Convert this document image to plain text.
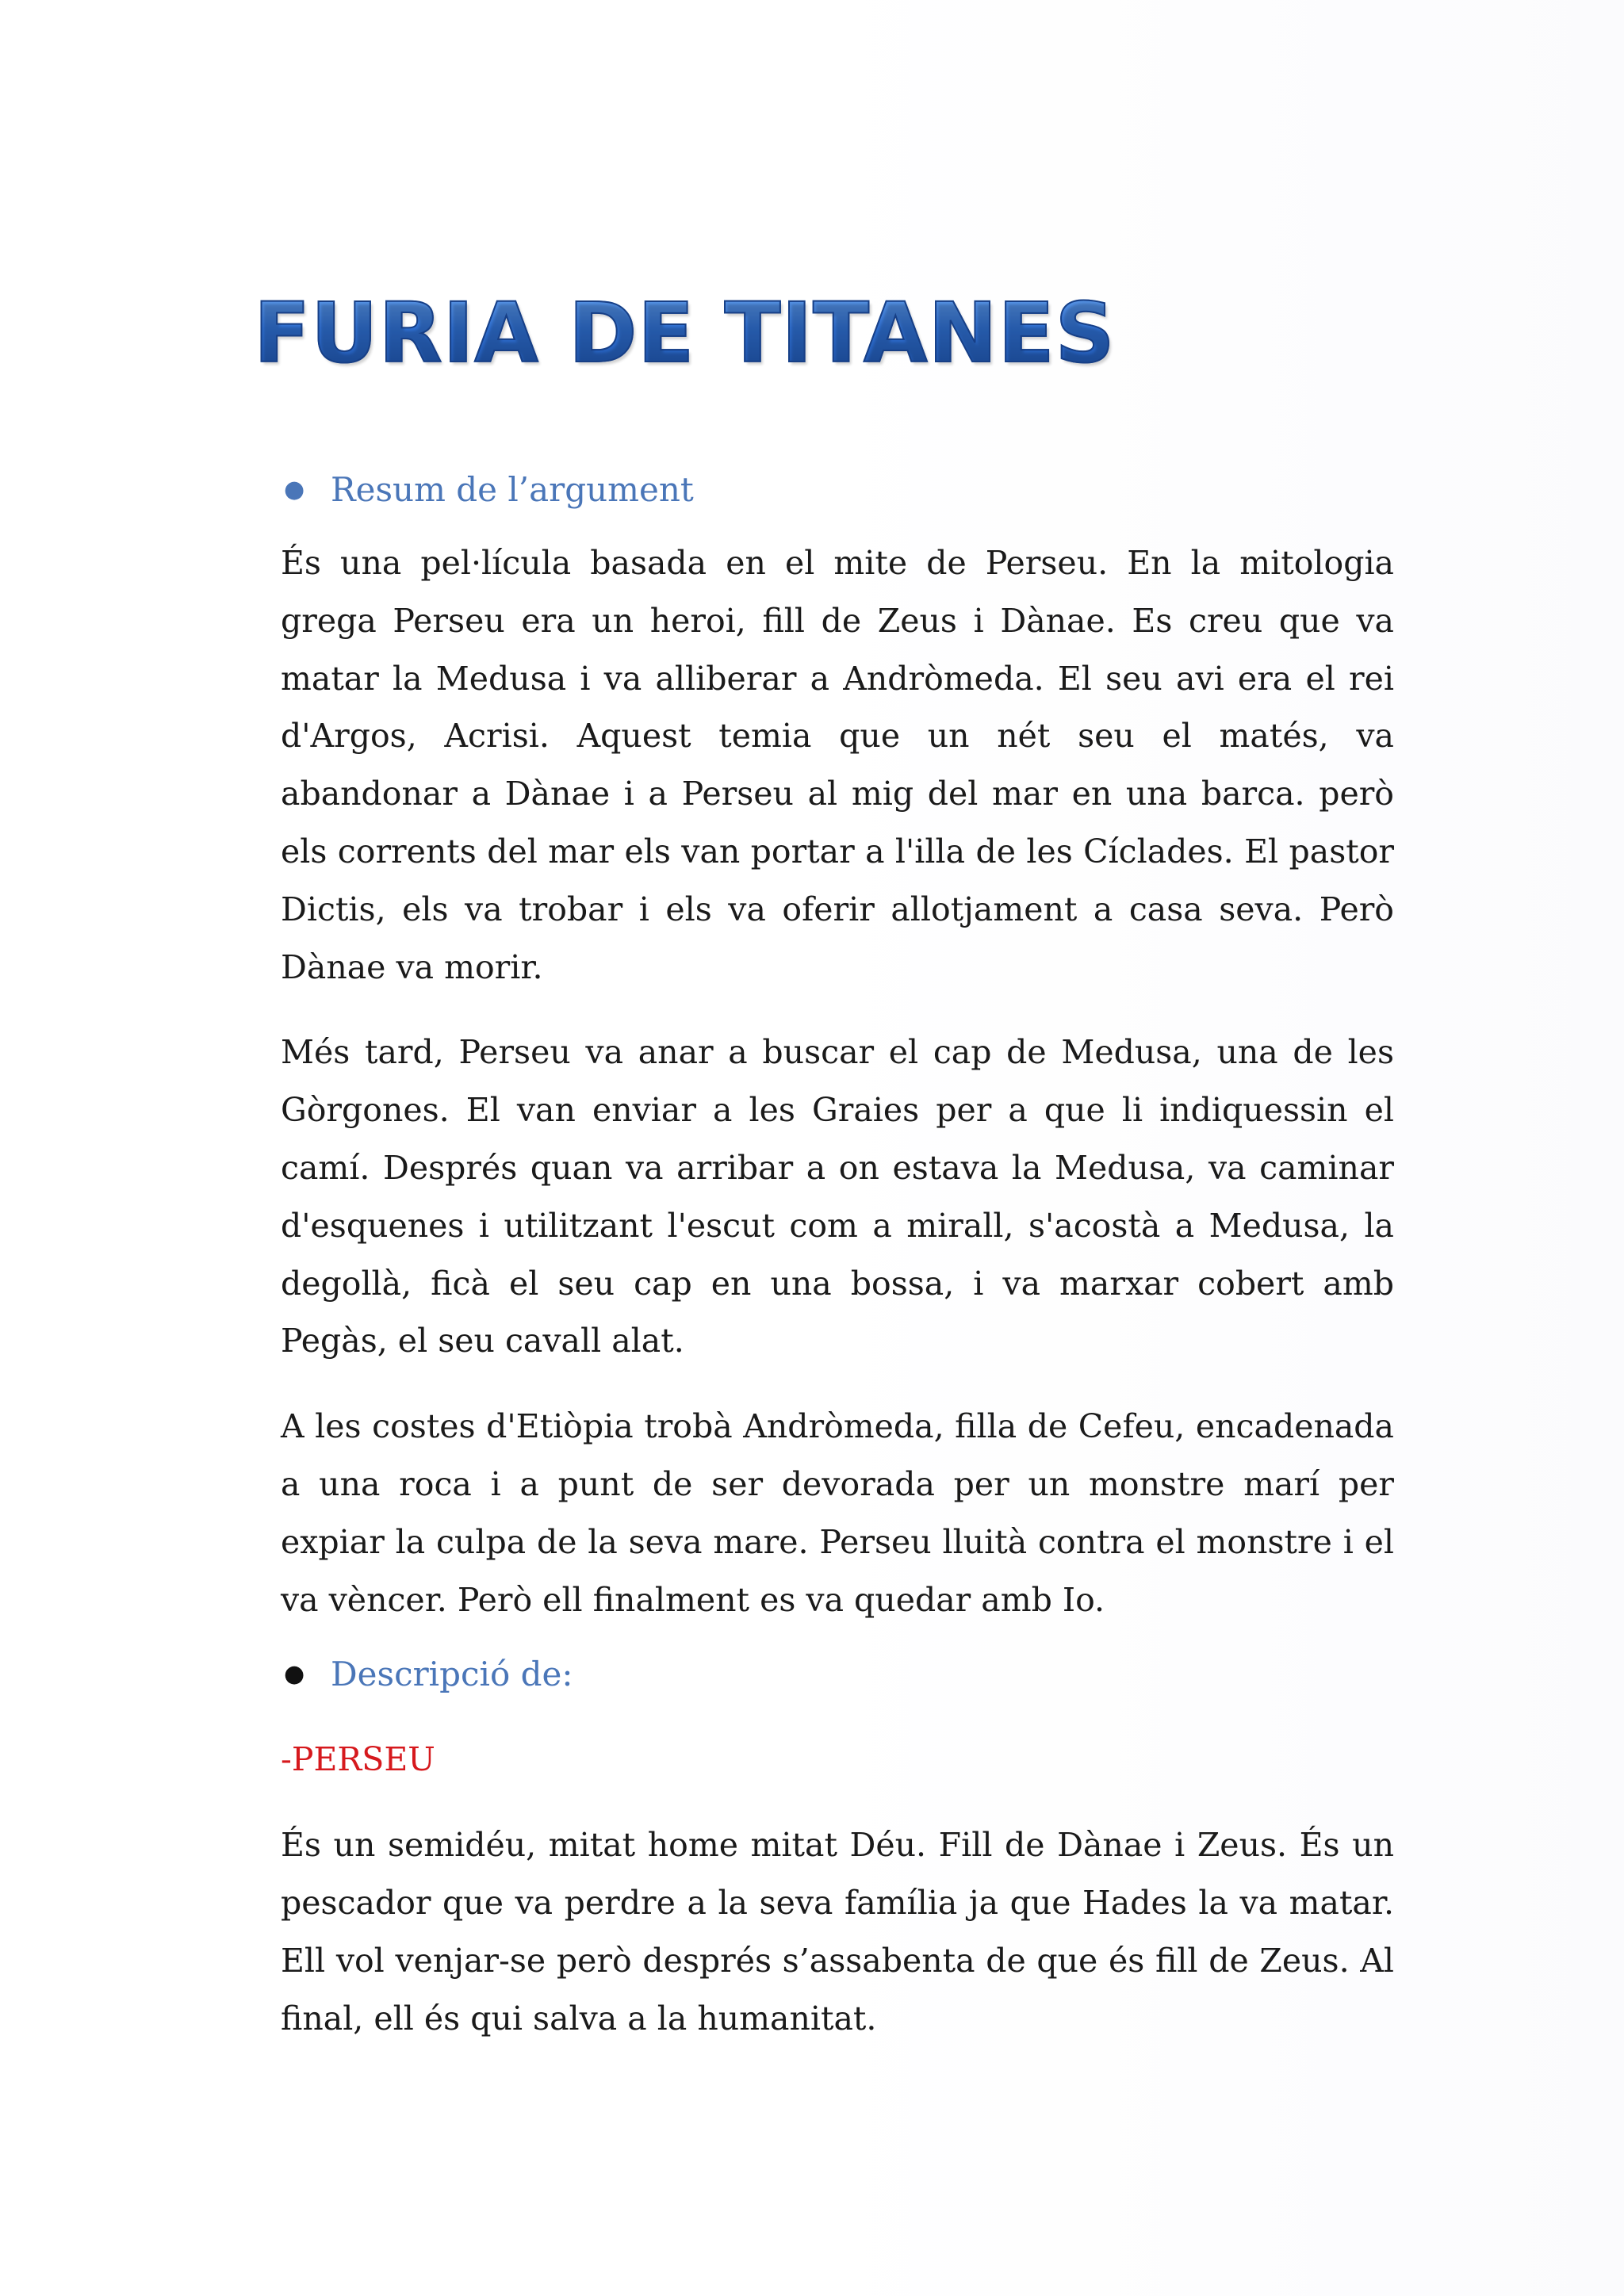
FURIA DE TITANES
● Resum de l’argument

És una pel·lícula basada en el mite de Perseu. En la mitologia grega Perseu era un heroi, fill de Zeus i Dànae. Es creu que va matar la Medusa i va alliberar a Andròmeda. El seu avi era el rei d'Argos, Acrisi. Aquest temia que un nét seu el matés, va abandonar a Dànae i a Perseu al mig del mar en una barca. però els corrents del mar els van portar a l'illa de les Cíclades. El pastor Dictis, els va trobar i els va oferir allotjament a casa seva. Però Dànae va morir.

Més tard, Perseu va anar a buscar el cap de Medusa, una de les Gòrgones. El van enviar a les Graies per a que li indiquessin el camí. Després quan va arribar a on estava la Medusa, va caminar d'esquenes i utilitzant l'escut com a mirall, s'acostà a Medusa, la degollà, ficà el seu cap en una bossa, i va marxar cobert amb Pegàs, el seu cavall alat.

A les costes d'Etiòpia trobà Andròmeda, filla de Cefeu, encadenada a una roca i a punt de ser devorada per un monstre marí per expiar la culpa de la seva mare. Perseu lluità contra el monstre i el va vèncer. Però ell finalment es va quedar amb Io.

● Descripció de:

-PERSEU

És un semidéu, mitat home mitat Déu. Fill de Dànae i Zeus. És un pescador que va perdre a la seva família ja que Hades la va matar. Ell vol venjar-se però després s’assabenta de que és fill de Zeus. Al final, ell és qui salva a la humanitat.
